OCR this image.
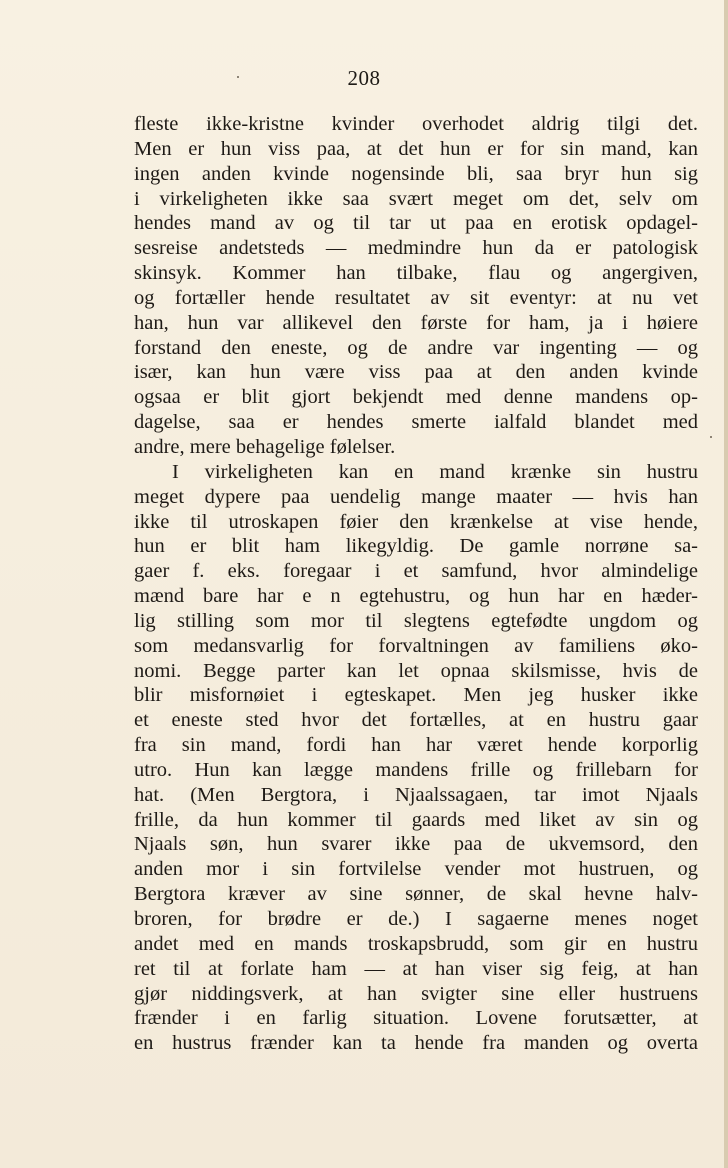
208
fleste ikke-kristne kvinder overhodet aldrig tilgi det.
Men er hun viss paa, at det hun er for sin mand, kan
ingen anden kvinde nogensinde bli, saa bryr hun sig
i virkeligheten ikke saa svært meget om det, selv om
hendes mand av og til tar ut paa en erotisk opdagel-
sesreise andetsteds — medmindre hun da er patologisk
skinsyk. Kommer han tilbake, flau og angergiven,
og fortæller hende resultatet av sit eventyr: at nu vet
han, hun var allikevel den første for ham, ja i høiere
forstand den eneste, og de andre var ingenting — og
især, kan hun være viss paa at den anden kvinde
ogsaa er blit gjort bekjendt med denne mandens op-
dagelse, saa er hendes smerte ialfald blandet med
andre, mere behagelige følelser.
I virkeligheten kan en mand krænke sin hustru
meget dypere paa uendelig mange maater — hvis han
ikke til utroskapen føier den krænkelse at vise hende,
hun er blit ham likegyldig. De gamle norrøne sa-
gaer f. eks. foregaar i et samfund, hvor almindelige
mænd bare har e n egtehustru, og hun har en hæder-
lig stilling som mor til slegtens egtefødte ungdom og
som medansvarlig for forvaltningen av familiens øko-
nomi. Begge parter kan let opnaa skilsmisse, hvis de
blir misfornøiet i egteskapet. Men jeg husker ikke
et eneste sted hvor det fortælles, at en hustru gaar
fra sin mand, fordi han har været hende korporlig
utro. Hun kan lægge mandens frille og frillebarn for
hat. (Men Bergtora, i Njaalssagaen, tar imot Njaals
frille, da hun kommer til gaards med liket av sin og
Njaals søn, hun svarer ikke paa de ukvemsord, den
anden mor i sin fortvilelse vender mot hustruen, og
Bergtora kræver av sine sønner, de skal hevne halv-
broren, for brødre er de.) I sagaerne menes noget
andet med en mands troskapsbrudd, som gir en hustru
ret til at forlate ham — at han viser sig feig, at han
gjør niddingsverk, at han svigter sine eller hustruens
frænder i en farlig situation. Lovene forutsætter, at
en hustrus frænder kan ta hende fra manden og overta
